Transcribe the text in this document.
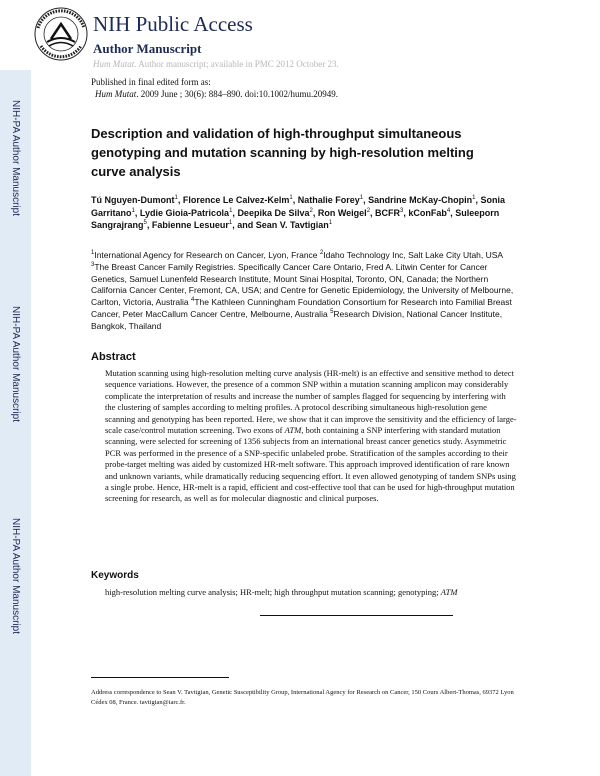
NIH Public Access
Author Manuscript
Hum Mutat. Author manuscript; available in PMC 2012 October 23.
NIH-PA Author Manuscript
NIH-PA Author Manuscript
NIH-PA Author Manuscript
Published in final edited form as:
Hum Mutat. 2009 June ; 30(6): 884–890. doi:10.1002/humu.20949.
Description and validation of high-throughput simultaneous genotyping and mutation scanning by high-resolution melting curve analysis
Tú Nguyen-Dumont$^1$, Florence Le Calvez-Kelm$^1$, Nathalie Forey$^1$, Sandrine McKay-Chopin$^1$, Sonia Garritano$^1$, Lydie Gioia-Patricola$^1$, Deepika De Silva$^2$, Ron Weigel$^2$, BCFR$^3$, kConFab$^4$, Suleeporn Sangrajrang$^5$, Fabienne Lesueur$^1$, and Sean V. Tavtigian$^1$
$^1$International Agency for Research on Cancer, Lyon, France $^2$Idaho Technology Inc, Salt Lake City Utah, USA $^3$The Breast Cancer Family Registries. Specifically Cancer Care Ontario, Fred A. Litwin Center for Cancer Genetics, Samuel Lunenfeld Research Institute, Mount Sinai Hospital, Toronto, ON, Canada; the Northern California Cancer Center, Fremont, CA, USA; and Centre for Genetic Epidemiology, the University of Melbourne, Carlton, Victoria, Australia $^4$The Kathleen Cunningham Foundation Consortium for Research into Familial Breast Cancer, Peter MacCallum Cancer Centre, Melbourne, Australia $^5$Research Division, National Cancer Institute, Bangkok, Thailand
Abstract

Mutation scanning using high-resolution melting curve analysis (HR-melt) is an effective and sensitive method to detect sequence variations. However, the presence of a common SNP within a mutation scanning amplicon may considerably complicate the interpretation of results and increase the number of samples flagged for sequencing by interfering with the clustering of samples according to melting profiles. A protocol describing simultaneous high-resolution gene scanning and genotyping has been reported. Here, we show that it can improve the sensitivity and the efficiency of large-scale case/control mutation screening. Two exons of ATM, both containing a SNP interfering with standard mutation scanning, were selected for screening of 1356 subjects from an international breast cancer genetics study. Asymmetric PCR was performed in the presence of a SNP-specific unlabeled probe. Stratification of the samples according to their probe-target melting was aided by customized HR-melt software. This approach improved identification of rare known and unknown variants, while dramatically reducing sequencing effort. It even allowed genotyping of tandem SNPs using a single probe. Hence, HR-melt is a rapid, efficient and cost-effective tool that can be used for high-throughput mutation screening for research, as well as for molecular diagnostic and clinical purposes.

Keywords
high-resolution melting curve analysis; HR-melt; high throughput mutation scanning; genotyping; ATM
Address correspondence to Sean V. Tavtigian, Genetic Susceptibility Group, International Agency for Research on Cancer, 150 Cours Albert-Thomas, 69372 Lyon Cédex 08, France. tavtigian@iarc.fr.
